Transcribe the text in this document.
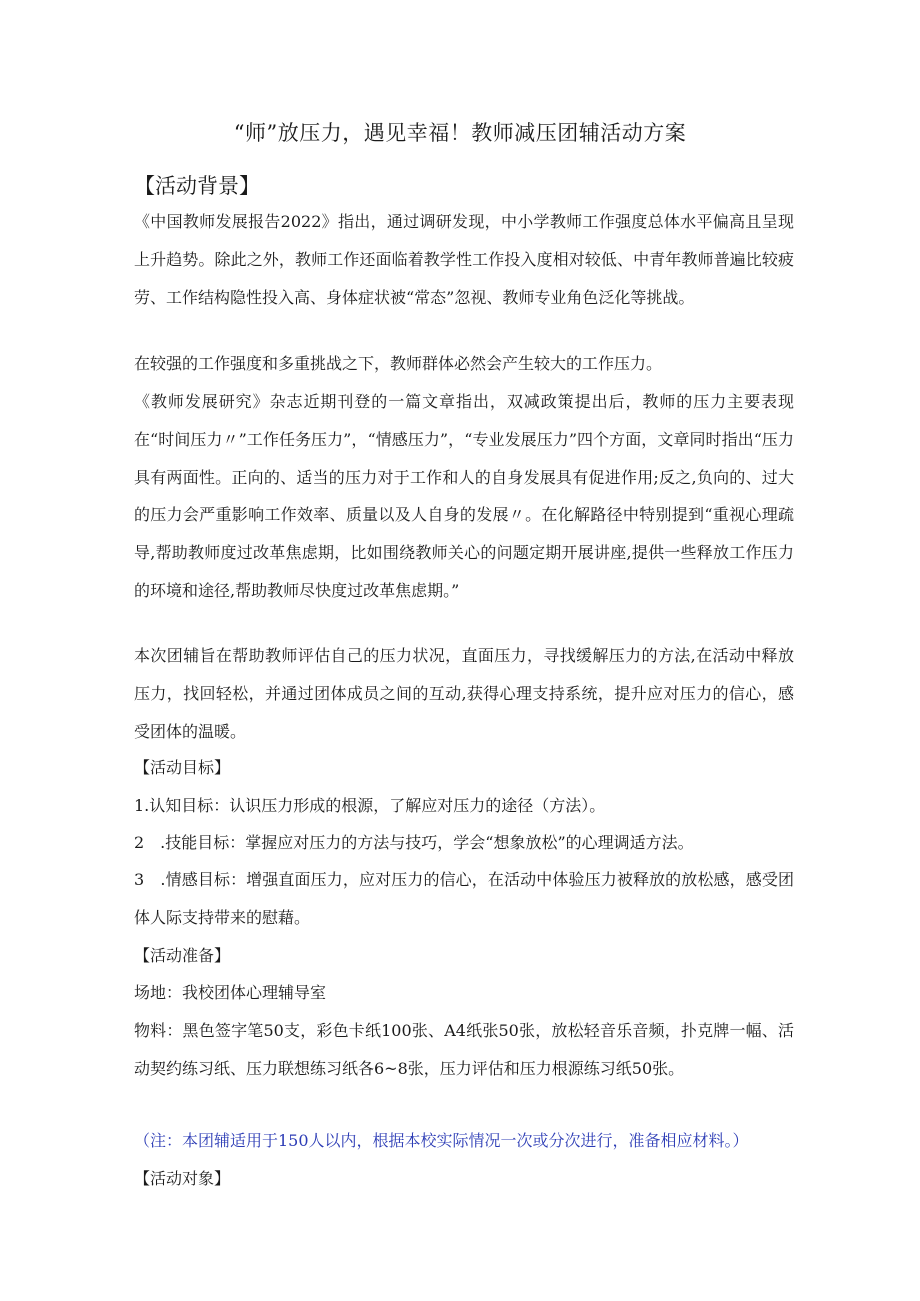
“师”放压力，遇见幸福！教师减压团辅活动方案
【活动背景】

《中国教师发展报告2022》指出，通过调研发现，中小学教师工作强度总体水平偏高且呈现上升趋势。除此之外，教师工作还面临着教学性工作投入度相对较低、中青年教师普遍比较疲劳、工作结构隐性投入高、身体症状被“常态”忽视、教师专业角色泛化等挑战。

在较强的工作强度和多重挑战之下，教师群体必然会产生较大的工作压力。

《教师发展研究》杂志近期刊登的一篇文章指出，双减政策提出后，教师的压力主要表现在“时间压力〃”工作任务压力”，“情感压力”，“专业发展压力”四个方面，文章同时指出“压力具有两面性。正向的、适当的压力对于工作和人的自身发展具有促进作用;反之,负向的、过大的压力会严重影响工作效率、质量以及人自身的发展〃。在化解路径中特别提到“重视心理疏导,帮助教师度过改革焦虑期，比如围绕教师关心的问题定期开展讲座,提供一些释放工作压力的环境和途径,帮助教师尽快度过改革焦虑期。”

本次团辅旨在帮助教师评估自己的压力状况，直面压力，寻找缓解压力的方法,在活动中释放压力，找回轻松，并通过团体成员之间的互动,获得心理支持系统，提升应对压力的信心，感受团体的温暖。

【活动目标】
1.认知目标：认识压力形成的根源，了解应对压力的途径（方法）。
2　.技能目标：掌握应对压力的方法与技巧，学会“想象放松”的心理调适方法。

3　.情感目标：增强直面压力，应对压力的信心，在活动中体验压力被释放的放松感，感受团体人际支持带来的慰藉。

【活动准备】
场地：我校团体心理辅导室

物料：黑色签字笔50支，彩色卡纸100张、A4纸张50张，放松轻音乐音频，扑克牌一幅、活动契约练习纸、压力联想练习纸各6~8张，压力评估和压力根源练习纸50张。

（注：本团辅适用于150人以内，根据本校实际情况一次或分次进行，准备相应材料。）
【活动对象】
